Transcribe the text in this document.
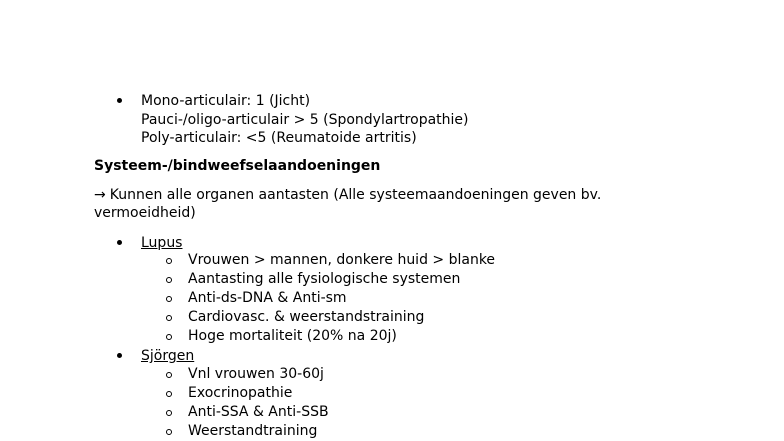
Mono-articulair: 1 (Jicht)
Pauci-/oligo-articulair > 5 (Spondylartropathie)
Poly-articulair: <5 (Reumatoide artritis)
Systeem-/bindweefselaandoeningen
→ Kunnen alle organen aantasten (Alle systeemaandoeningen geven bv.
vermoeidheid)
Lupus
Vrouwen > mannen, donkere huid > blanke
Aantasting alle fysiologische systemen
Anti-ds-DNA & Anti-sm
Cardiovasc. & weerstandstraining
Hoge mortaliteit (20% na 20j)
Sjörgen
Vnl vrouwen 30-60j
Exocrinopathie
Anti-SSA & Anti-SSB
Weerstandtraining
